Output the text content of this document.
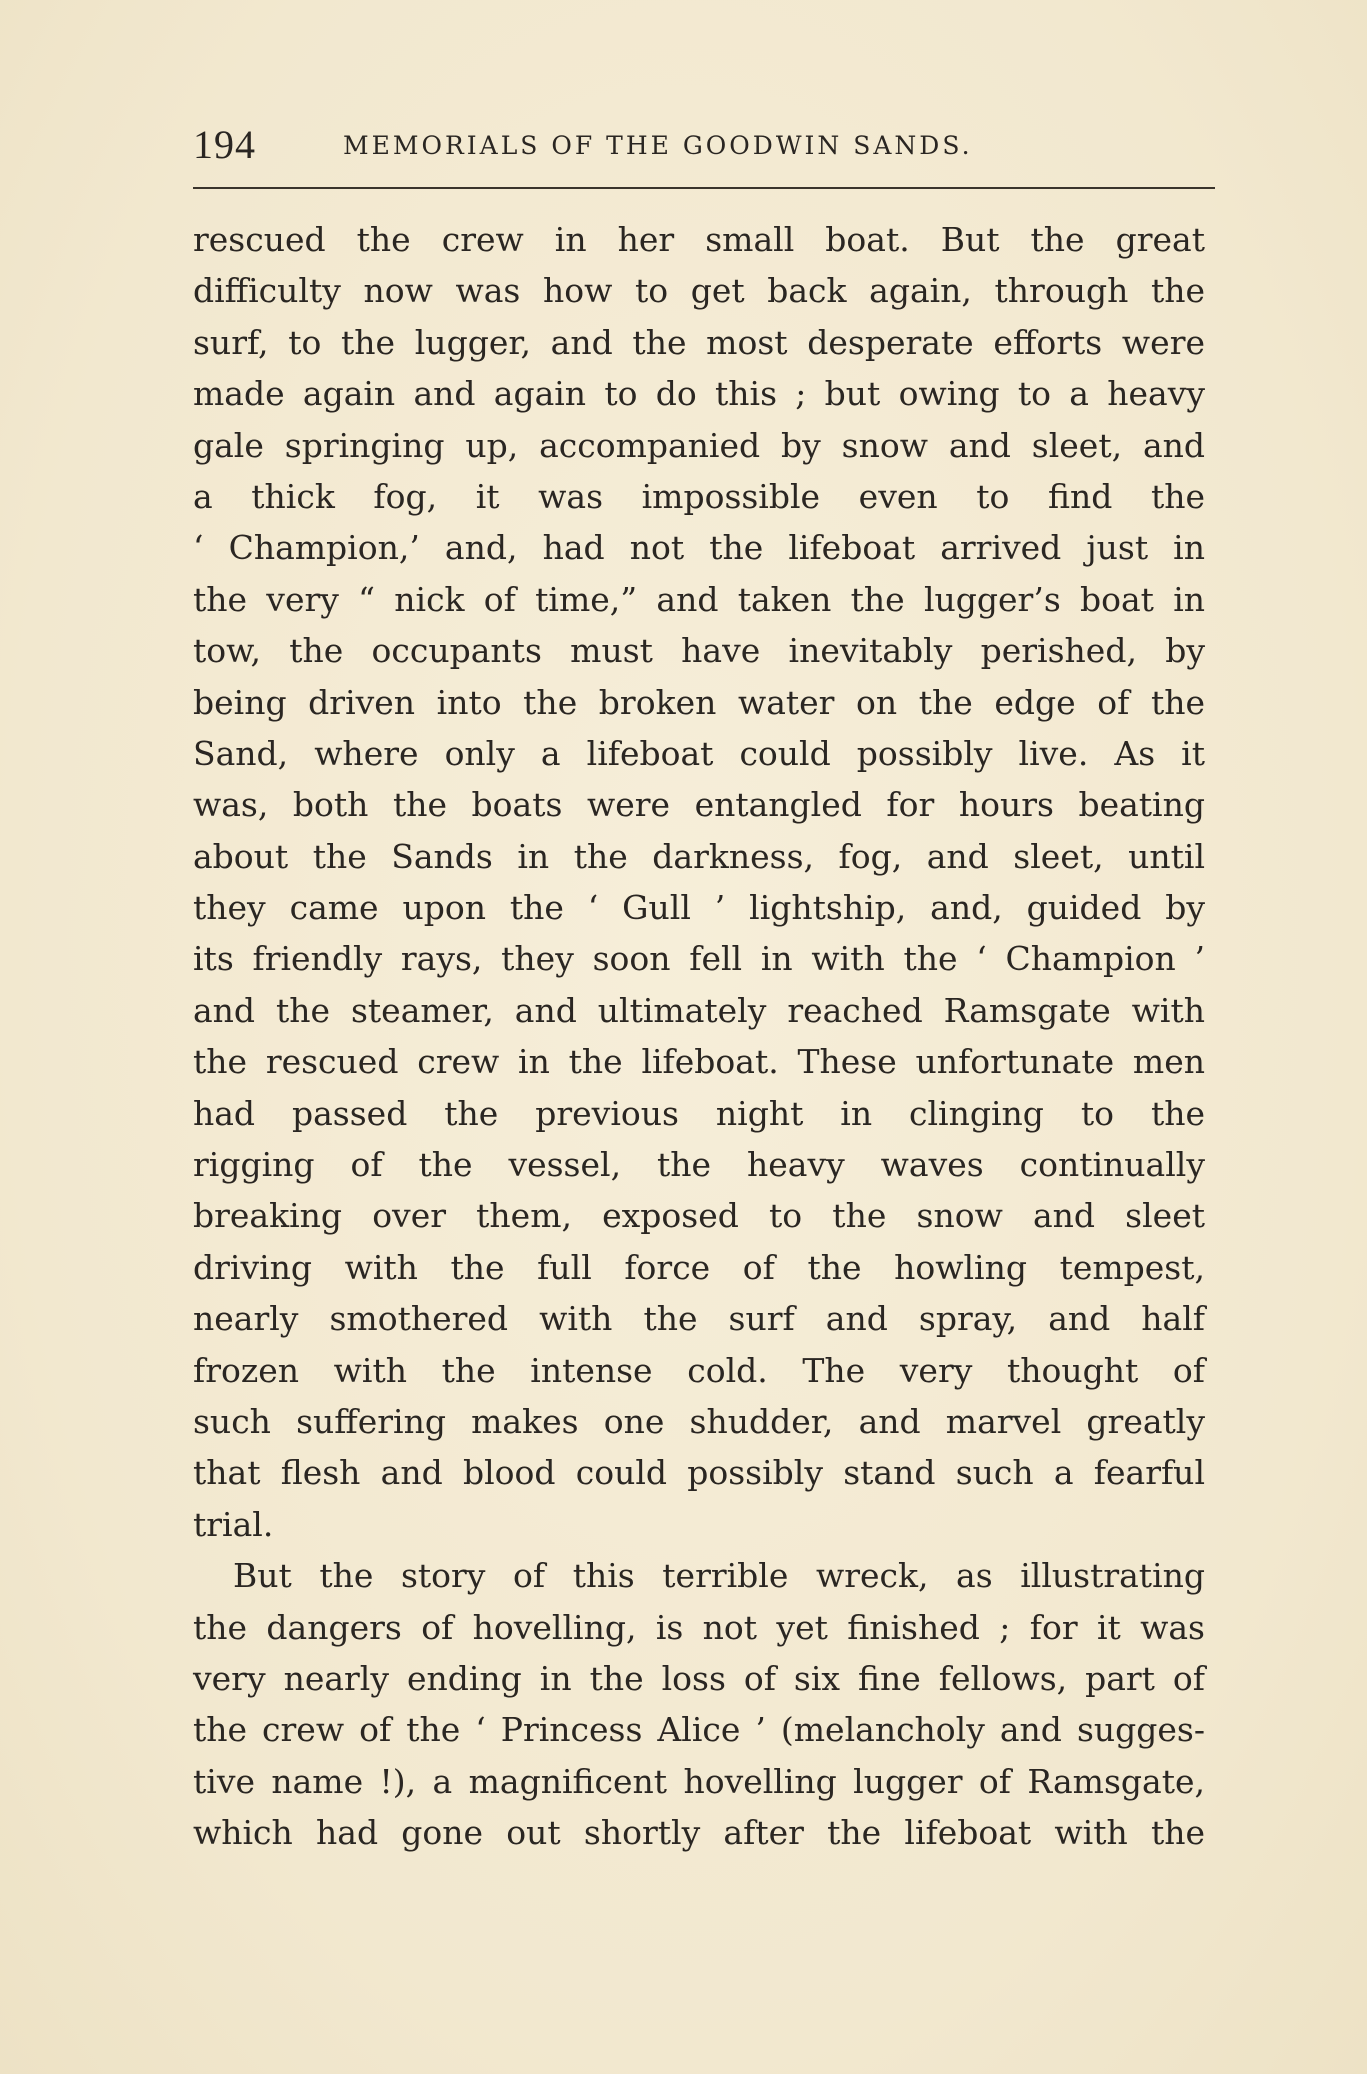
194	MEMORIALS OF THE GOODWIN SANDS.
rescued the crew in her small boat. But the great
difficulty now was how to get back again, through the
surf, to the lugger, and the most desperate efforts were
made again and again to do this ; but owing to a heavy
gale springing up, accompanied by snow and sleet, and
a thick fog, it was impossible even to find the
‘ Champion,’ and, had not the lifeboat arrived just in
the very “ nick of time,” and taken the lugger’s boat in
tow, the occupants must have inevitably perished, by
being driven into the broken water on the edge of the
Sand, where only a lifeboat could possibly live. As it
was, both the boats were entangled for hours beating
about the Sands in the darkness, fog, and sleet, until
they came upon the ‘ Gull ’ lightship, and, guided by
its friendly rays, they soon fell in with the ‘ Champion ’
and the steamer, and ultimately reached Ramsgate with
the rescued crew in the lifeboat. These unfortunate men
had passed the previous night in clinging to the
rigging of the vessel, the heavy waves continually
breaking over them, exposed to the snow and sleet
driving with the full force of the howling tempest,
nearly smothered with the surf and spray, and half
frozen with the intense cold. The very thought of
such suffering makes one shudder, and marvel greatly
that flesh and blood could possibly stand such a fearful
trial.
But the story of this terrible wreck, as illustrating
the dangers of hovelling, is not yet finished ; for it was
very nearly ending in the loss of six fine fellows, part of
the crew of the ‘ Princess Alice ’ (melancholy and sugges-
tive name !), a magnificent hovelling lugger of Ramsgate,
which had gone out shortly after the lifeboat with the
